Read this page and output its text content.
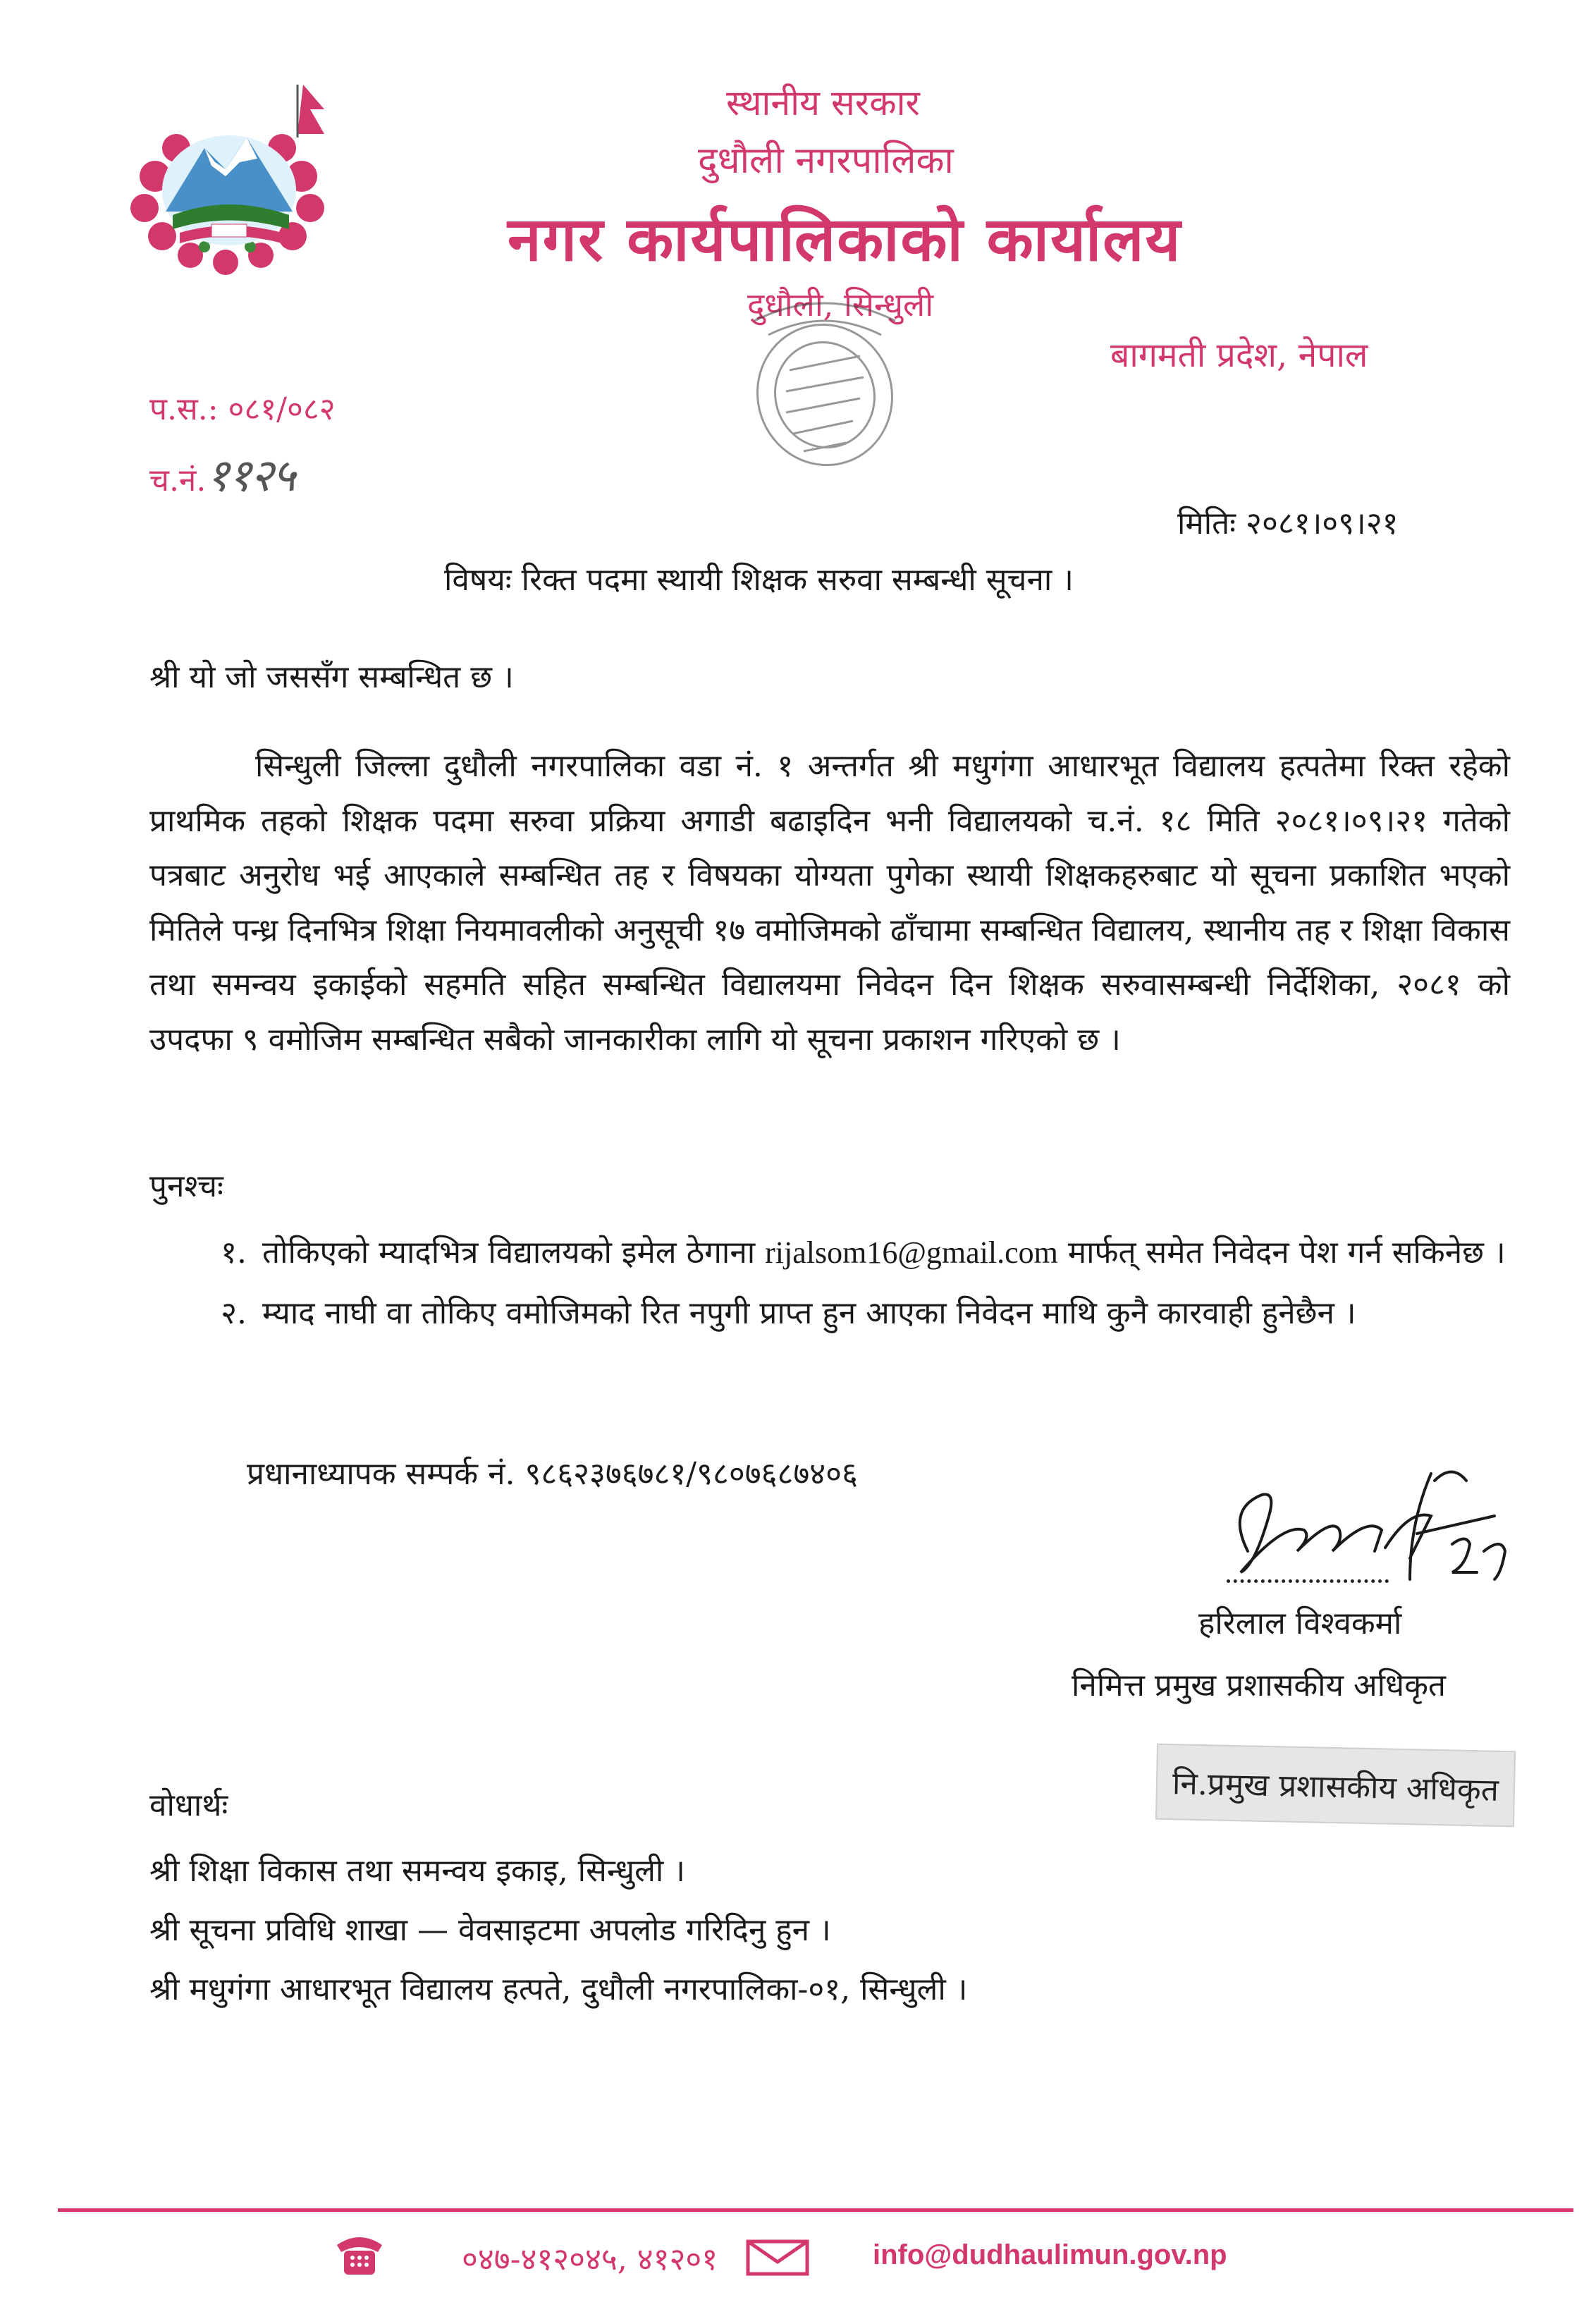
स्थानीय सरकार
दुधौली नगरपालिका
नगर कार्यपालिकाको कार्यालय
दुधौली, सिन्धुली
बागमती प्रदेश, नेपाल
प.स.: ०८१/०८२
च.नं.११२५
मितिः २०८१।०९।२१
विषयः रिक्त पदमा स्थायी शिक्षक सरुवा सम्बन्धी सूचना ।
श्री यो जो जससँग सम्बन्धित छ ।
सिन्धुली जिल्ला दुधौली नगरपालिका वडा नं. १ अन्तर्गत श्री मधुगंगा आधारभूत विद्यालय हत्पतेमा रिक्त रहेको प्राथमिक तहको शिक्षक पदमा सरुवा प्रक्रिया अगाडी बढाइदिन भनी विद्यालयको च.नं. १८ मिति २०८१।०९।२१ गतेको पत्रबाट अनुरोध भई आएकाले सम्बन्धित तह र विषयका योग्यता पुगेका स्थायी शिक्षकहरुबाट यो सूचना प्रकाशित भएको मितिले पन्ध्र दिनभित्र शिक्षा नियमावलीको अनुसूची १७ वमोजिमको ढाँचामा सम्बन्धित विद्यालय, स्थानीय तह र शिक्षा विकास तथा समन्वय इकाईको सहमति सहित सम्बन्धित विद्यालयमा निवेदन दिन शिक्षक सरुवासम्बन्धी निर्देशिका, २०८१ को उपदफा ९ वमोजिम सम्बन्धित सबैको जानकारीका लागि यो सूचना प्रकाशन गरिएको छ ।
पुनश्चः
१. तोकिएको म्यादभित्र विद्यालयको इमेल ठेगाना rijalsom16@gmail.com मार्फत् समेत निवेदन पेश गर्न सकिनेछ ।
२. म्याद नाघी वा तोकिए वमोजिमको रित नपुगी प्राप्त हुन आएका निवेदन माथि कुनै कारवाही हुनेछैन ।
प्रधानाध्यापक सम्पर्क नं. ९८६२३७६७८१/९८०७६८७४०६
हरिलाल विश्वकर्मा
निमित्त प्रमुख प्रशासकीय अधिकृत
नि.प्रमुख प्रशासकीय अधिकृत
वोधार्थः
श्री शिक्षा विकास तथा समन्वय इकाइ, सिन्धुली ।
श्री सूचना प्रविधि शाखा — वेवसाइटमा अपलोड गरिदिनु हुन ।
श्री मधुगंगा आधारभूत विद्यालय हत्पते, दुधौली नगरपालिका-०१, सिन्धुली ।
०४७-४१२०४५, ४१२०१	info@dudhaulimun.gov.np
